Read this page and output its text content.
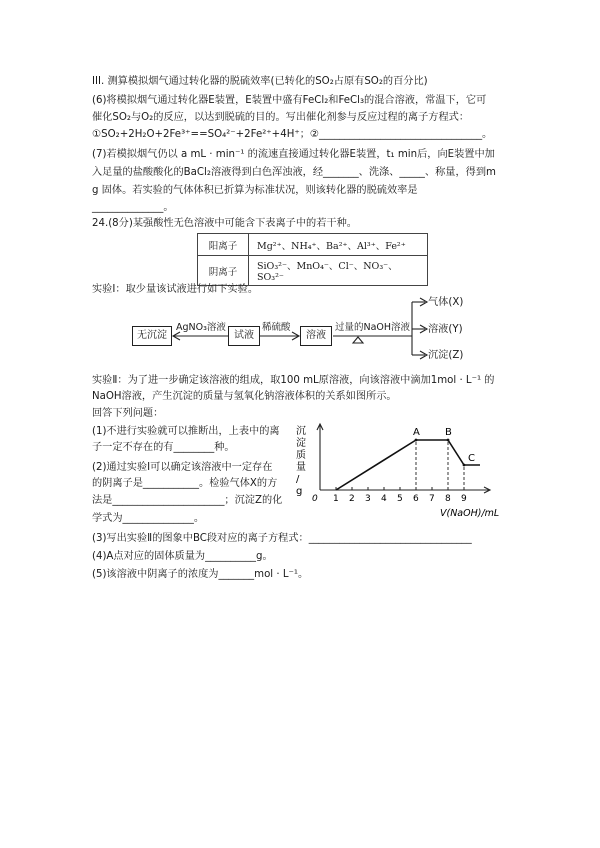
III. 测算模拟烟气通过转化器的脱硫效率(已转化的SO₂占原有SO₂的百分比)
(6)将模拟烟气通过转化器E装置，E装置中盛有FeCl₂和FeCl₃的混合溶液，常温下，它可
催化SO₂与O₂的反应，以达到脱硫的目的。写出催化剂参与反应过程的离子方程式：
①SO₂+2H₂O+2Fe³⁺==SO₄²⁻+2Fe²⁺+4H⁺；②________________________________。
(7)若模拟烟气仍以 a mL · min⁻¹ 的流速直接通过转化器E装置，t₁ min后，向E装置中加
入足量的盐酸酸化的BaCl₂溶液得到白色浑浊液，经_______、洗涤、_____、称量，得到m
g 固体。若实验的气体体积已折算为标准状况，则该转化器的脱硫效率是
______________。
24.(8分)某强酸性无色溶液中可能含下表离子中的若干种。
阳离子	Mg²⁺、NH₄⁺、Ba²⁺、Al³⁺、Fe²⁺
阴离子	SiO₃²⁻、MnO₄⁻、Cl⁻、NO₃⁻、SO₃²⁻
实验Ⅰ：取少量该试液进行如下实验。
无沉淀	试液	溶液
AgNO₃溶液	稀硫酸	过量的NaOH溶液
气体(X)
溶液(Y)
沉淀(Z)
实验Ⅱ：为了进一步确定该溶液的组成，取100 mL原溶液，向该溶液中滴加1mol · L⁻¹ 的
NaOH溶液，产生沉淀的质量与氢氧化钠溶液体积的关系如图所示。
回答下列问题：
(1)不进行实验就可以推断出，上表中的离
子一定不存在的有________种。
(2)通过实验Ⅰ可以确定该溶液中一定存在
的阴离子是___________。检验气体X的方
法是______________________；沉淀Z的化
学式为______________。
0 1 2 3 4 5 6 7 8 9
A	B
C
沉
淀
质
量
/
g
V(NaOH)/mL
(3)写出实验Ⅱ的图象中BC段对应的离子方程式：________________________________
(4)A点对应的固体质量为__________g。
(5)该溶液中阴离子的浓度为_______mol · L⁻¹。
